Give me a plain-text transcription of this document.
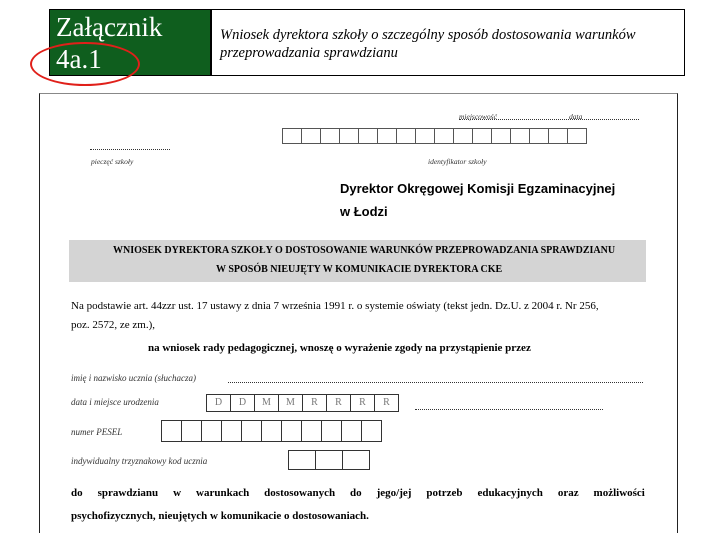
Załącznik
4a.1
Wniosek dyrektora szkoły o szczególny sposób dostosowania warunków przeprowadzania sprawdzianu
miejscowość	data
pieczęć szkoły	identyfikator szkoły
Dyrektor Okręgowej Komisji Egzaminacyjnej
w Łodzi
WNIOSEK DYREKTORA SZKOŁY O DOSTOSOWANIE WARUNKÓW PRZEPROWADZANIA SPRAWDZIANU
W SPOSÓB NIEUJĘTY W KOMUNIKACIE DYREKTORA CKE
Na podstawie art. 44zzr ust. 17 ustawy z dnia 7 września 1991 r. o systemie oświaty (tekst jedn. Dz.U. z 2004 r. Nr 256,
poz. 2572, ze zm.),
na wniosek rady pedagogicznej, wnoszę o wyrażenie zgody na przystąpienie przez
imię i nazwisko ucznia (słuchacza)
data i miejsce urodzenia	D	D	M	M	R	R	R	R
numer PESEL
indywidualny trzyznakowy kod ucznia
do sprawdzianu w warunkach dostosowanych do jego/jej potrzeb edukacyjnych oraz możliwości
psychofizycznych, nieujętych w komunikacie o dostosowaniach.
